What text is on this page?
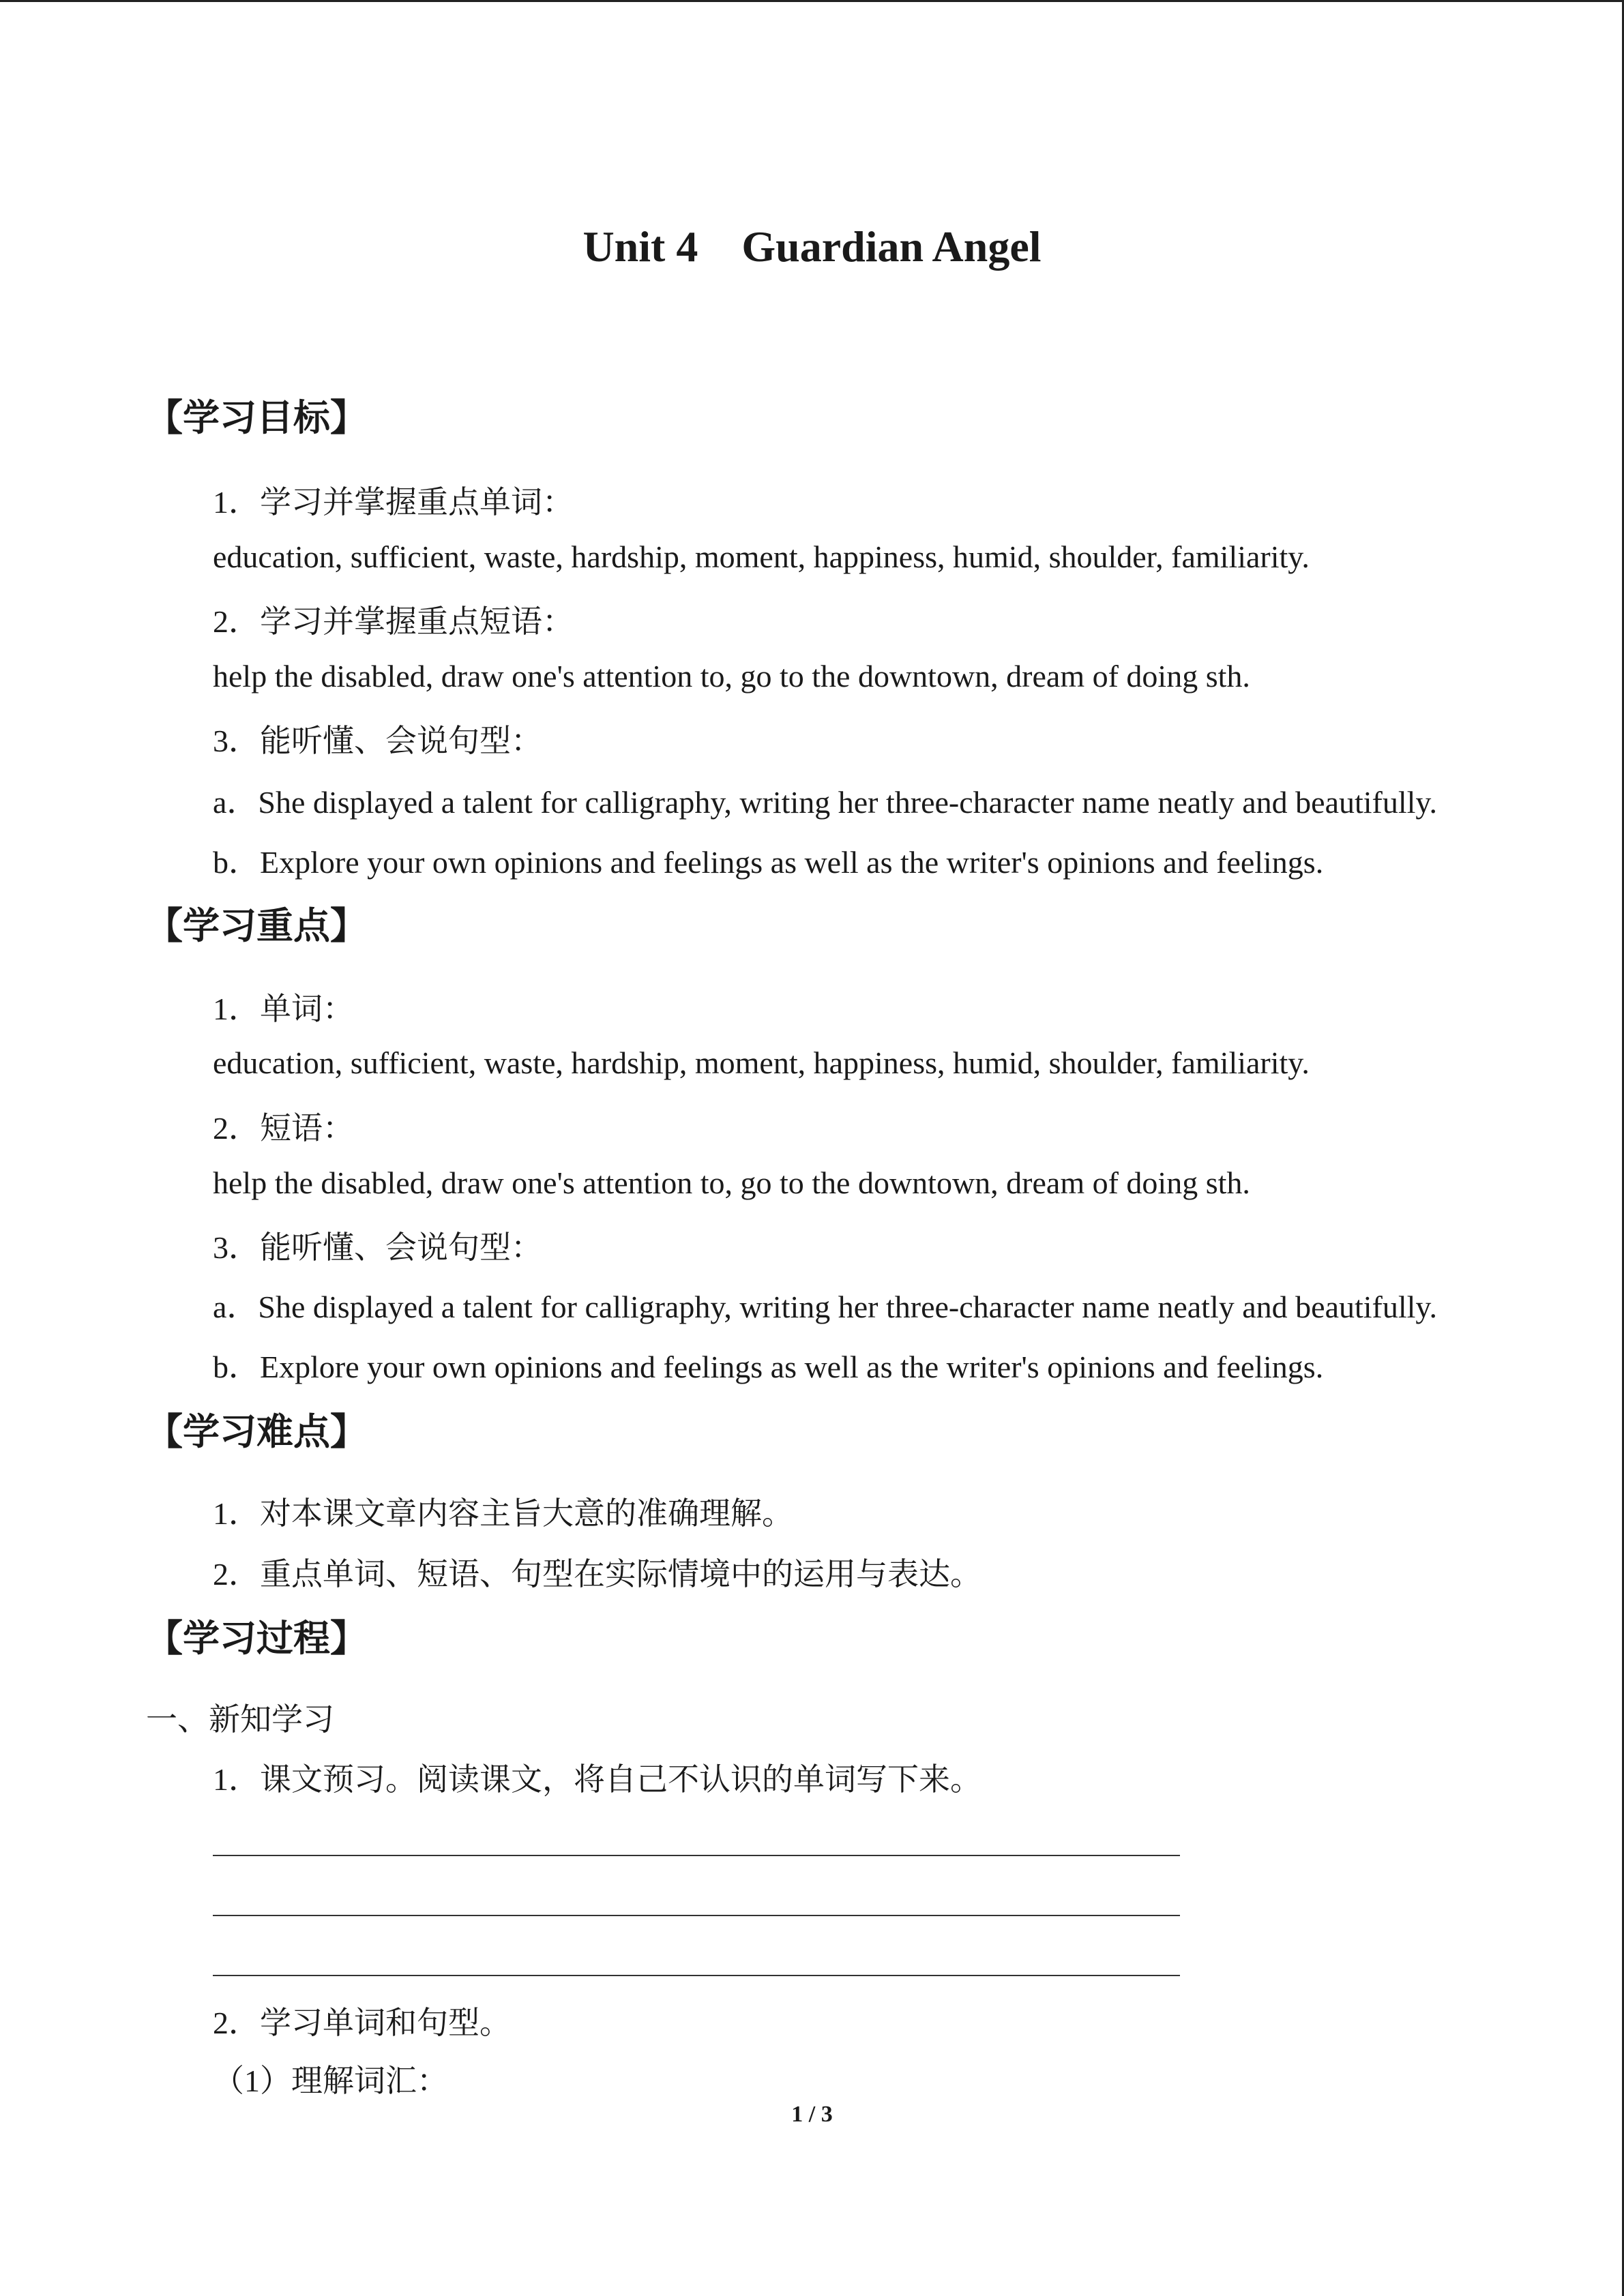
Unit 4　Guardian Angel
【学习目标】
1．学习并掌握重点单词：
education, sufficient, waste, hardship, moment, happiness, humid, shoulder, familiarity.
2．学习并掌握重点短语：
help the disabled, draw one's attention to, go to the downtown, dream of doing sth.
3．能听懂、会说句型：
a．She displayed a talent for calligraphy, writing her three-character name neatly and beautifully.
b．Explore your own opinions and feelings as well as the writer's opinions and feelings.
【学习重点】
1．单词：
education, sufficient, waste, hardship, moment, happiness, humid, shoulder, familiarity.
2．短语：
help the disabled, draw one's attention to, go to the downtown, dream of doing sth.
3．能听懂、会说句型：
a．She displayed a talent for calligraphy, writing her three-character name neatly and beautifully.
b．Explore your own opinions and feelings as well as the writer's opinions and feelings.
【学习难点】
1．对本课文章内容主旨大意的准确理解。
2．重点单词、短语、句型在实际情境中的运用与表达。
【学习过程】
一、新知学习
1．课文预习。阅读课文，将自己不认识的单词写下来。
2．学习单词和句型。
（1）理解词汇：
1 / 3
